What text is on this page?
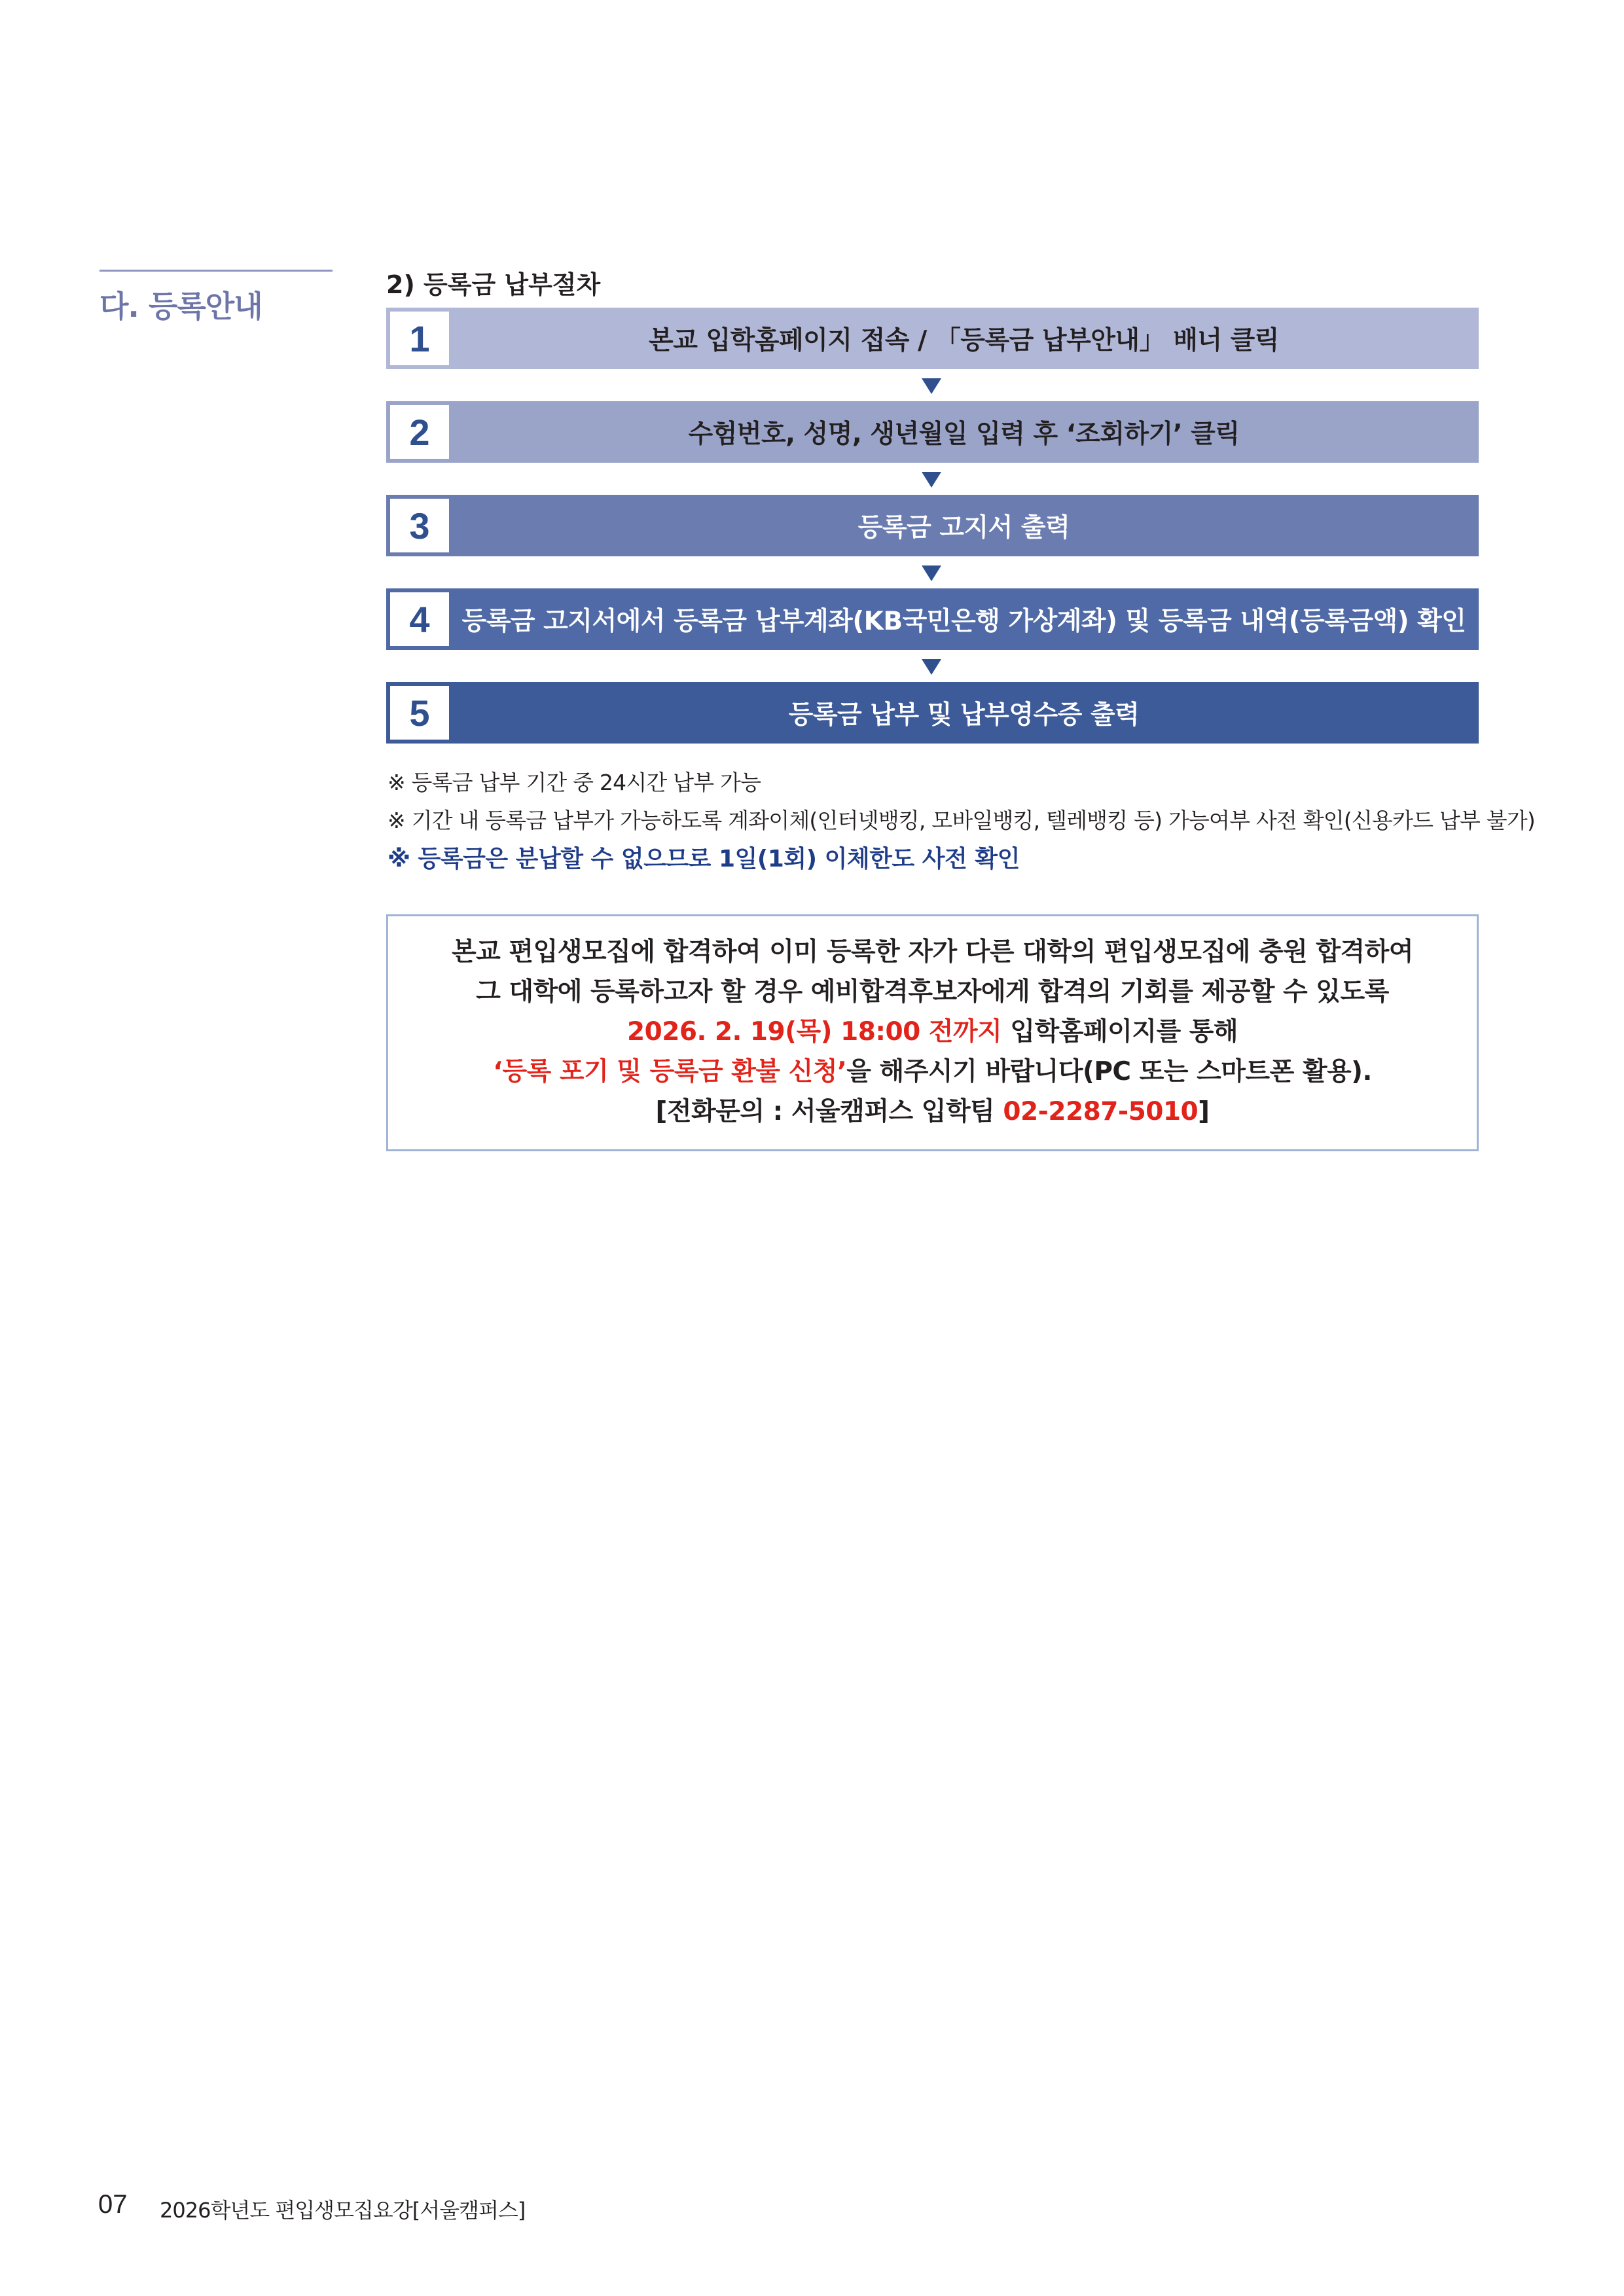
다. 등록안내
2) 등록금 납부절차
1	본교 입학홈페이지 접속 / 「등록금 납부안내」 배너 클릭
2	수험번호, 성명, 생년월일 입력 후 ‘조회하기’ 클릭
3	등록금 고지서 출력
4	등록금 고지서에서 등록금 납부계좌(KB국민은행 가상계좌) 및 등록금 내역(등록금액) 확인
5	등록금 납부 및 납부영수증 출력
※ 등록금 납부 기간 중 24시간 납부 가능
※ 기간 내 등록금 납부가 가능하도록 계좌이체(인터넷뱅킹, 모바일뱅킹, 텔레뱅킹 등) 가능여부 사전 확인(신용카드 납부 불가)
※ 등록금은 분납할 수 없으므로 1일(1회) 이체한도 사전 확인
본교 편입생모집에 합격하여 이미 등록한 자가 다른 대학의 편입생모집에 충원 합격하여
그 대학에 등록하고자 할 경우 예비합격후보자에게 합격의 기회를 제공할 수 있도록
2026. 2. 19(목) 18:00 전까지 입학홈페이지를 통해
‘등록 포기 및 등록금 환불 신청’을 해주시기 바랍니다(PC 또는 스마트폰 활용).
[전화문의 : 서울캠퍼스 입학팀 02-2287-5010]
07 2026학년도 편입생모집요강[서울캠퍼스]
